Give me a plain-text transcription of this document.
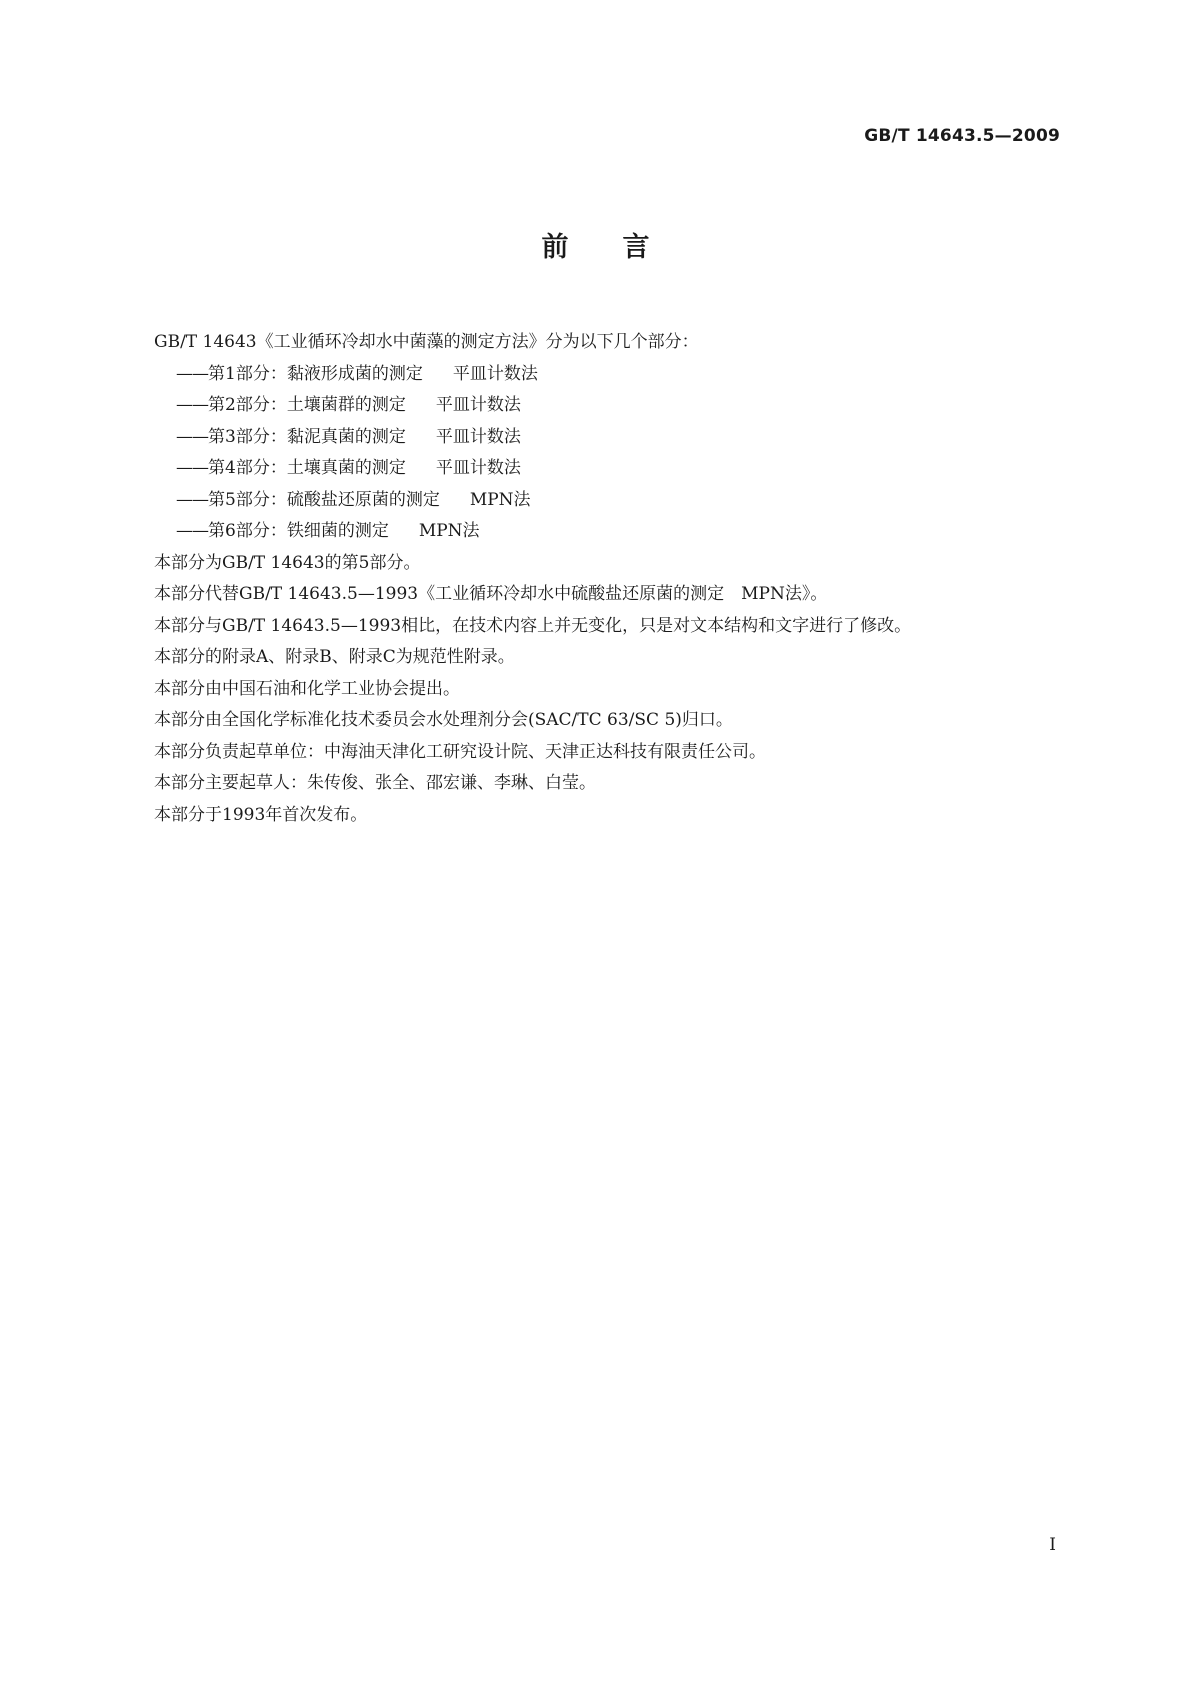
GB/T 14643.5—2009
前言

GB/T 14643《工业循环冷却水中菌藻的测定方法》分为以下几个部分：

——第1部分：黏液形成菌的测定 平皿计数法

——第2部分：土壤菌群的测定 平皿计数法

——第3部分：黏泥真菌的测定 平皿计数法

——第4部分：土壤真菌的测定 平皿计数法

——第5部分：硫酸盐还原菌的测定 MPN法

——第6部分：铁细菌的测定 MPN法

本部分为GB/T 14643的第5部分。

本部分代替GB/T 14643.5—1993《工业循环冷却水中硫酸盐还原菌的测定　MPN法》。

本部分与GB/T 14643.5—1993相比，在技术内容上并无变化，只是对文本结构和文字进行了修改。

本部分的附录A、附录B、附录C为规范性附录。

本部分由中国石油和化学工业协会提出。

本部分由全国化学标准化技术委员会水处理剂分会(SAC/TC 63/SC 5)归口。

本部分负责起草单位：中海油天津化工研究设计院、天津正达科技有限责任公司。

本部分主要起草人：朱传俊、张全、邵宏谦、李琳、白莹。

本部分于1993年首次发布。

I
